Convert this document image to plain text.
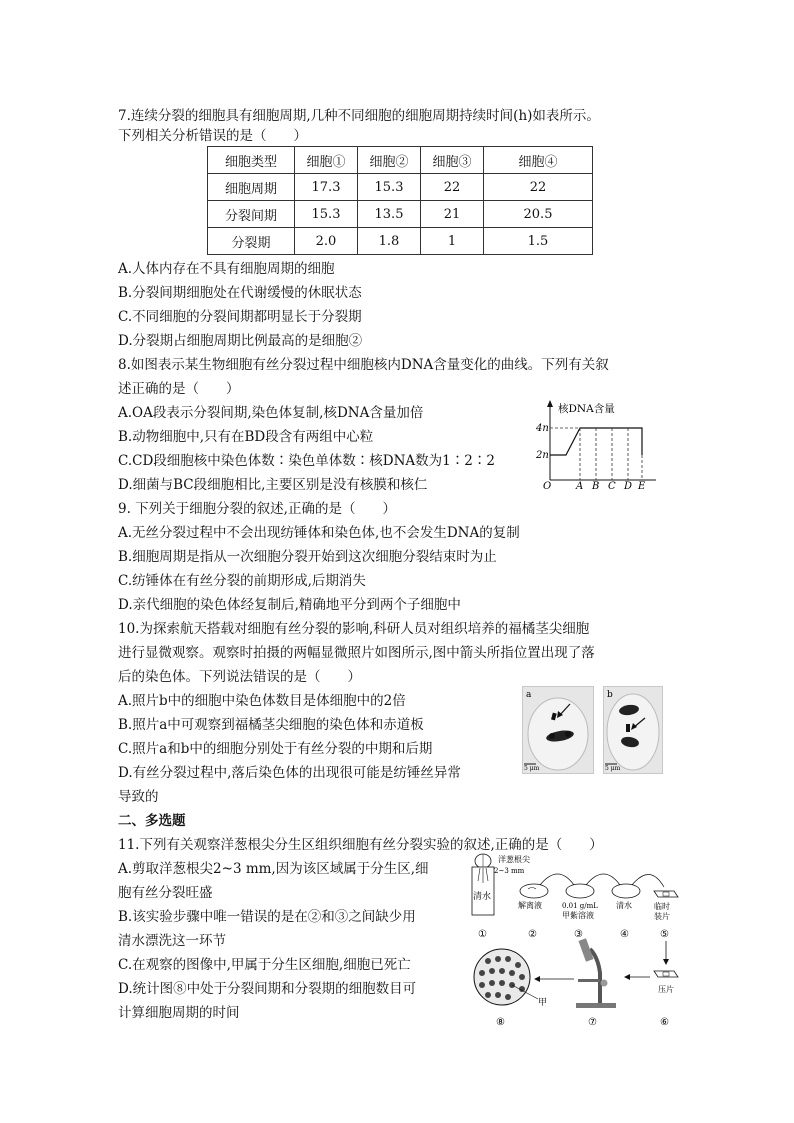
7.连续分裂的细胞具有细胞周期,几种不同细胞的细胞周期持续时间(h)如表所示。
下列相关分析错误的是（　　）
细胞类型	细胞①	细胞②	细胞③	细胞④
细胞周期	17.3	15.3	22	22
分裂间期	15.3	13.5	21	20.5
分裂期	2.0	1.8	1	1.5
A.人体内存在不具有细胞周期的细胞
B.分裂间期细胞处在代谢缓慢的休眠状态
C.不同细胞的分裂间期都明显长于分裂期
D.分裂期占细胞周期比例最高的是细胞②
8.如图表示某生物细胞有丝分裂过程中细胞核内DNA含量变化的曲线。下列有关叙
述正确的是（　　）
A.OA段表示分裂间期,染色体复制,核DNA含量加倍
B.动物细胞中,只有在BD段含有两组中心粒
C.CD段细胞核中染色体数∶染色单体数∶核DNA数为1∶2∶2
D.细菌与BC段细胞相比,主要区别是没有核膜和核仁
核DNA含量
4n
2n
O A B C D E
9. 下列关于细胞分裂的叙述,正确的是（　　）
A.无丝分裂过程中不会出现纺锤体和染色体,也不会发生DNA的复制
B.细胞周期是指从一次细胞分裂开始到这次细胞分裂结束时为止
C.纺锤体在有丝分裂的前期形成,后期消失
D.亲代细胞的染色体经复制后,精确地平分到两个子细胞中
10.为探索航天搭载对细胞有丝分裂的影响,科研人员对组织培养的福橘茎尖细胞
进行显微观察。观察时拍摄的两幅显微照片如图所示,图中箭头所指位置出现了落
后的染色体。下列说法错误的是（　　）
A.照片b中的细胞中染色体数目是体细胞中的2倍
B.照片a中可观察到福橘茎尖细胞的染色体和赤道板
C.照片a和b中的细胞分别处于有丝分裂的中期和后期
D.有丝分裂过程中,落后染色体的出现很可能是纺锤丝异常
导致的
a
5 μm
b
5 μm
二、多选题
11.下列有关观察洋葱根尖分生区组织细胞有丝分裂实验的叙述,正确的是（　　）
A.剪取洋葱根尖2~3 mm,因为该区域属于分生区,细
胞有丝分裂旺盛
B.该实验步骤中唯一错误的是在②和③之间缺少用
清水漂洗这一环节
C.在观察的图像中,甲属于分生区细胞,细胞已死亡
D.统计图⑧中处于分裂间期和分裂期的细胞数目可
计算细胞周期的时间
清水
洋葱根尖
2~3 mm
解离液	0.01 g/mL
甲紫溶液
清水	临时
装片
①	②	③	④	⑤
压片
⑥
⑦
甲
⑧
